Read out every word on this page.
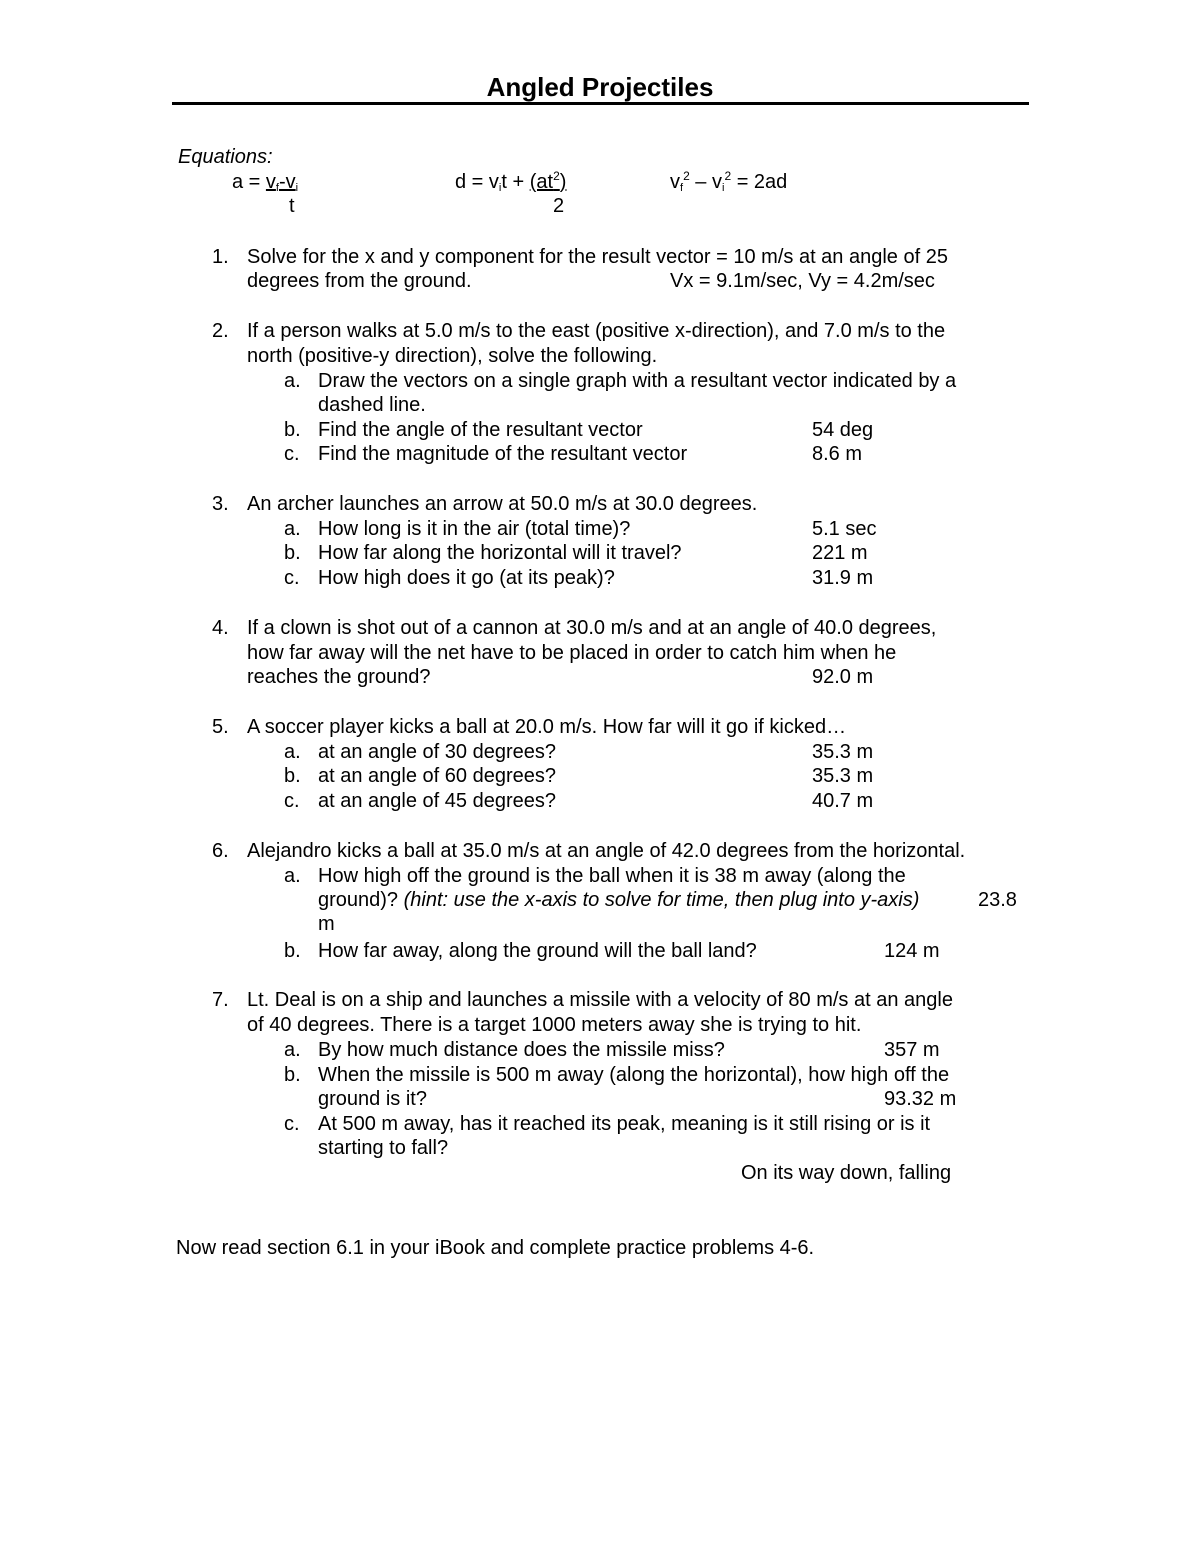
Angled Projectiles
Equations:
$a = v_f-v_i$
t
$d = v_it + (at^2)$
2
$v_f^2 - v_i^2 = 2ad$
1. Solve for the x and y component for the result vector = 10 m/s at an angle of 25
degrees from the ground.	Vx = 9.1m/sec, Vy = 4.2m/sec
2. If a person walks at 5.0 m/s to the east (positive x-direction), and 7.0 m/s to the
north (positive-y direction), solve the following.
a. Draw the vectors on a single graph with a resultant vector indicated by a
dashed line.
b. Find the angle of the resultant vector	54 deg
c. Find the magnitude of the resultant vector	8.6 m
3. An archer launches an arrow at 50.0 m/s at 30.0 degrees.
a. How long is it in the air (total time)?	5.1 sec
b. How far along the horizontal will it travel?	221 m
c. How high does it go (at its peak)?	31.9 m
4. If a clown is shot out of a cannon at 30.0 m/s and at an angle of 40.0 degrees,
how far away will the net have to be placed in order to catch him when he
reaches the ground?	92.0 m
5. A soccer player kicks a ball at 20.0 m/s. How far will it go if kicked…
a. at an angle of 30 degrees?	35.3 m
b. at an angle of 60 degrees?	35.3 m
c. at an angle of 45 degrees?	40.7 m
6. Alejandro kicks a ball at 35.0 m/s at an angle of 42.0 degrees from the horizontal.
a. How high off the ground is the ball when it is 38 m away (along the
ground)? (hint: use the x-axis to solve for time, then plug into y-axis)	23.8
m
b. How far away, along the ground will the ball land?	124 m
7. Lt. Deal is on a ship and launches a missile with a velocity of 80 m/s at an angle
of 40 degrees. There is a target 1000 meters away she is trying to hit.
a. By how much distance does the missile miss?	357 m
b. When the missile is 500 m away (along the horizontal), how high off the
ground is it?	93.32 m
c. At 500 m away, has it reached its peak, meaning is it still rising or is it
starting to fall?
On its way down, falling
Now read section 6.1 in your iBook and complete practice problems 4-6.
